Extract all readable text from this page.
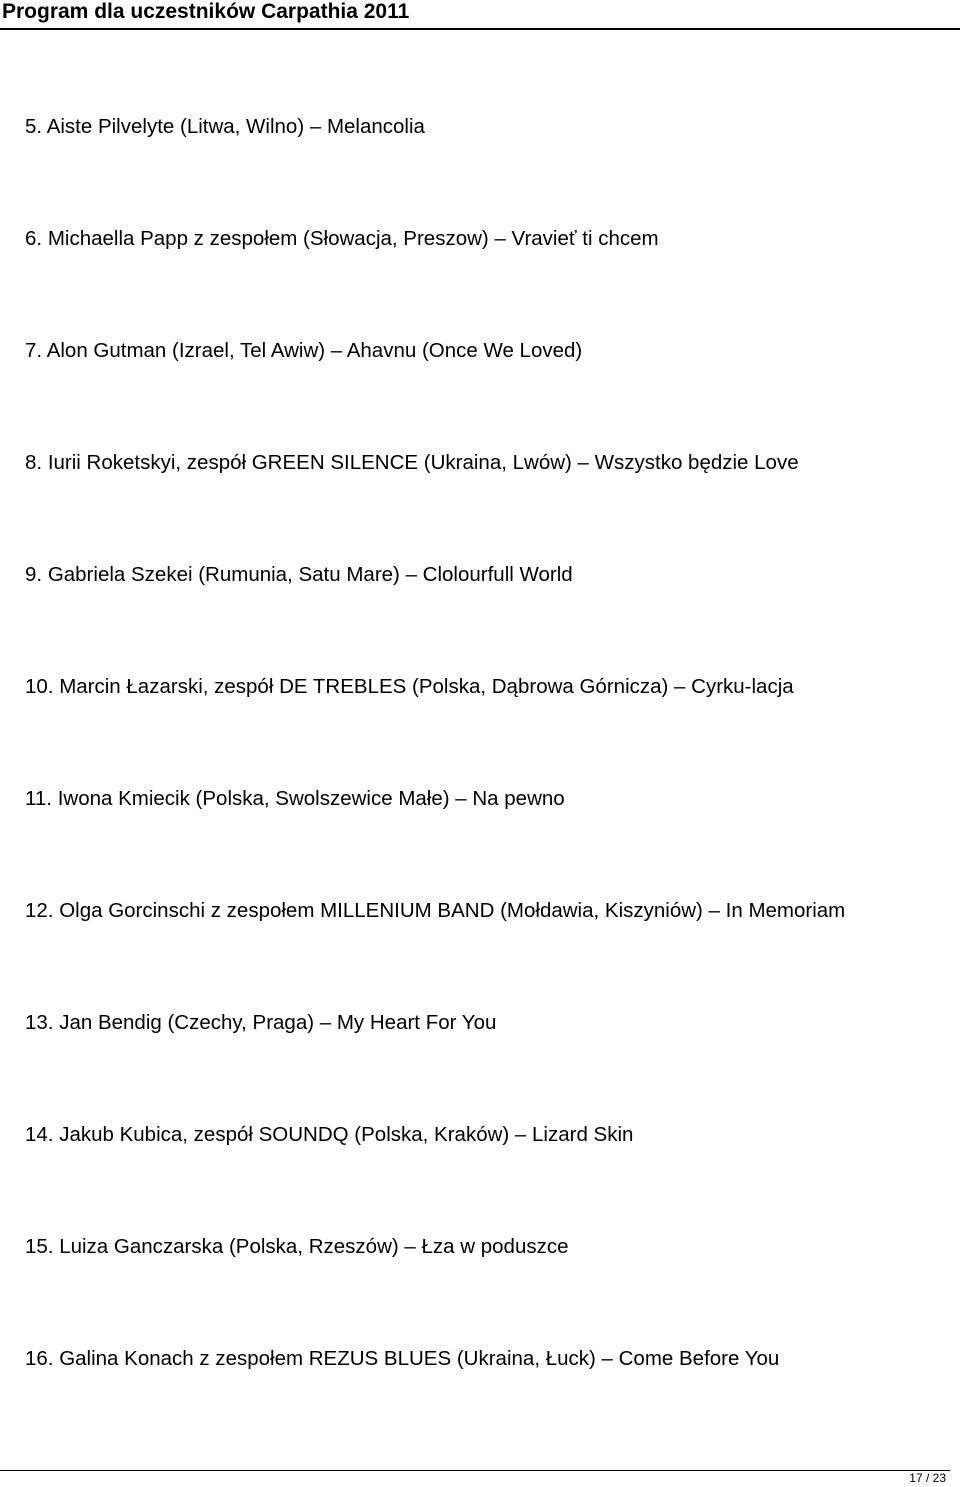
Program dla uczestników Carpathia 2011
5. Aiste Pilvelyte (Litwa, Wilno) – Melancolia
6. Michaella Papp z zespołem (Słowacja, Preszow) – Vravieť ti chcem
7. Alon Gutman (Izrael, Tel Awiw) – Ahavnu (Once We Loved)
8. Iurii Roketskyi, zespół GREEN SILENCE (Ukraina, Lwów) – Wszystko będzie Love
9. Gabriela Szekei (Rumunia, Satu Mare) – Clolourfull World
10. Marcin Łazarski, zespół DE TREBLES (Polska, Dąbrowa Górnicza) – Cyrku-lacja
11. Iwona Kmiecik (Polska, Swolszewice Małe) – Na pewno
12. Olga Gorcinschi z zespołem MILLENIUM BAND (Mołdawia, Kiszyniów) – In Memoriam
13. Jan Bendig (Czechy, Praga) – My Heart For You
14. Jakub Kubica, zespół SOUNDQ (Polska, Kraków) – Lizard Skin
15. Luiza Ganczarska (Polska, Rzeszów) – Łza w poduszce
16. Galina Konach z zespołem REZUS BLUES (Ukraina, Łuck) – Come Before You
17 / 23
